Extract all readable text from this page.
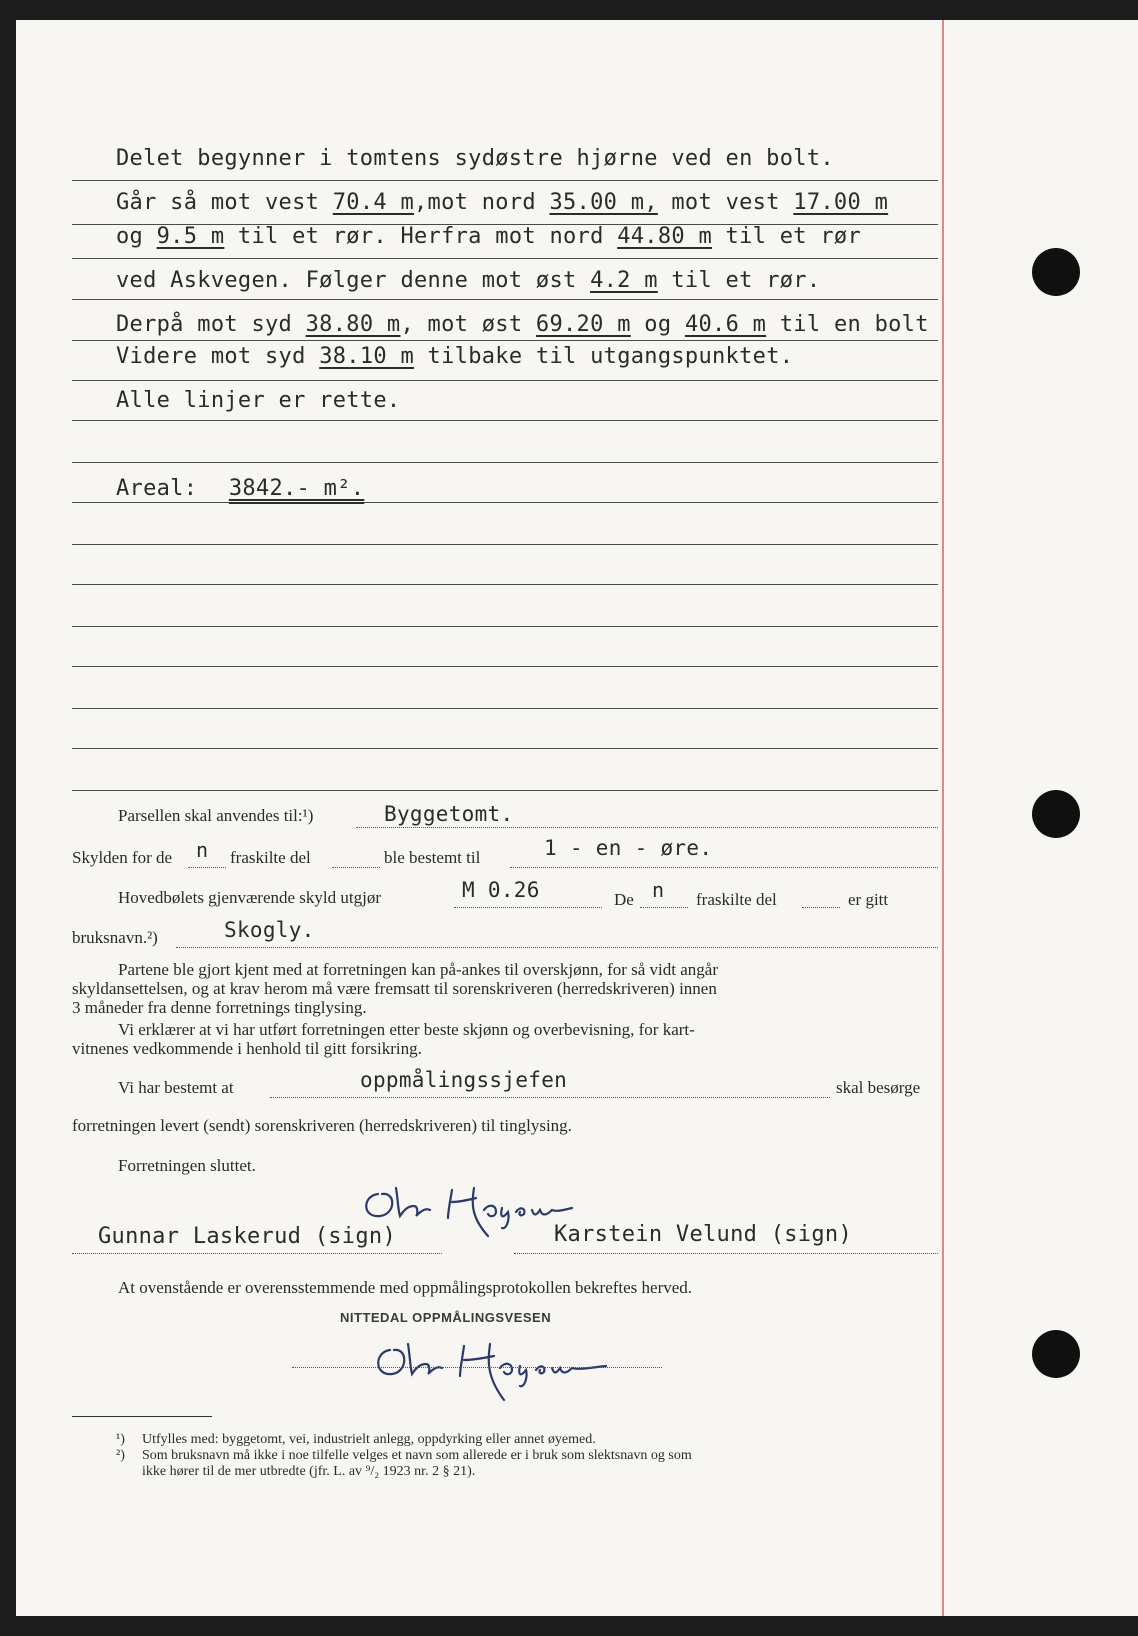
Delet begynner i tomtens sydøstre hjørne ved en bolt.
Går så mot vest 70.4 m,mot nord 35.00 m, mot vest 17.00 m
og 9.5 m til et rør. Herfra mot nord 44.80 m til et rør
ved Askvegen. Følger denne mot øst 4.2 m til et rør.
Derpå mot syd 38.80 m, mot øst 69.20 m og 40.6 m til en bolt
Videre mot syd 38.10 m tilbake til utgangspunktet.
Alle linjer er rette.
Areal: 3842.- m².
Parsellen skal anvendes til:¹)	Byggetomt.
Skylden for de n fraskilte del	ble bestemt til	1 - en - øre.
Hovedbølets gjenværende skyld utgjør	M 0.26	De n fraskilte del	er gitt
bruksnavn.²)	Skogly.
Partene ble gjort kjent med at forretningen kan på-ankes til overskjønn, for så vidt angår
skyldansettelsen, og at krav herom må være fremsatt til sorenskriveren (herredskriveren) innen
3 måneder fra denne forretnings tinglysing.
Vi erklærer at vi har utført forretningen etter beste skjønn og overbevisning, for kart-
vitnenes vedkommende i henhold til gitt forsikring.
Vi har bestemt at	oppmålingssjefen	skal besørge
forretningen levert (sendt) sorenskriveren (herredskriveren) til tinglysing.
Forretningen sluttet.
Gunnar Laskerud (sign)	Karstein Velund (sign)
At ovenstående er overensstemmende med oppmålingsprotokollen bekreftes herved.
NITTEDAL OPPMÅLINGSVESEN
¹) Utfylles med: byggetomt, vei, industrielt anlegg, oppdyrking eller annet øyemed.
²) Som bruksnavn må ikke i noe tilfelle velges et navn som allerede er i bruk som slektsnavn og som
ikke hører til de mer utbredte (jfr. L. av ⁹/₂ 1923 nr. 2 § 21).
